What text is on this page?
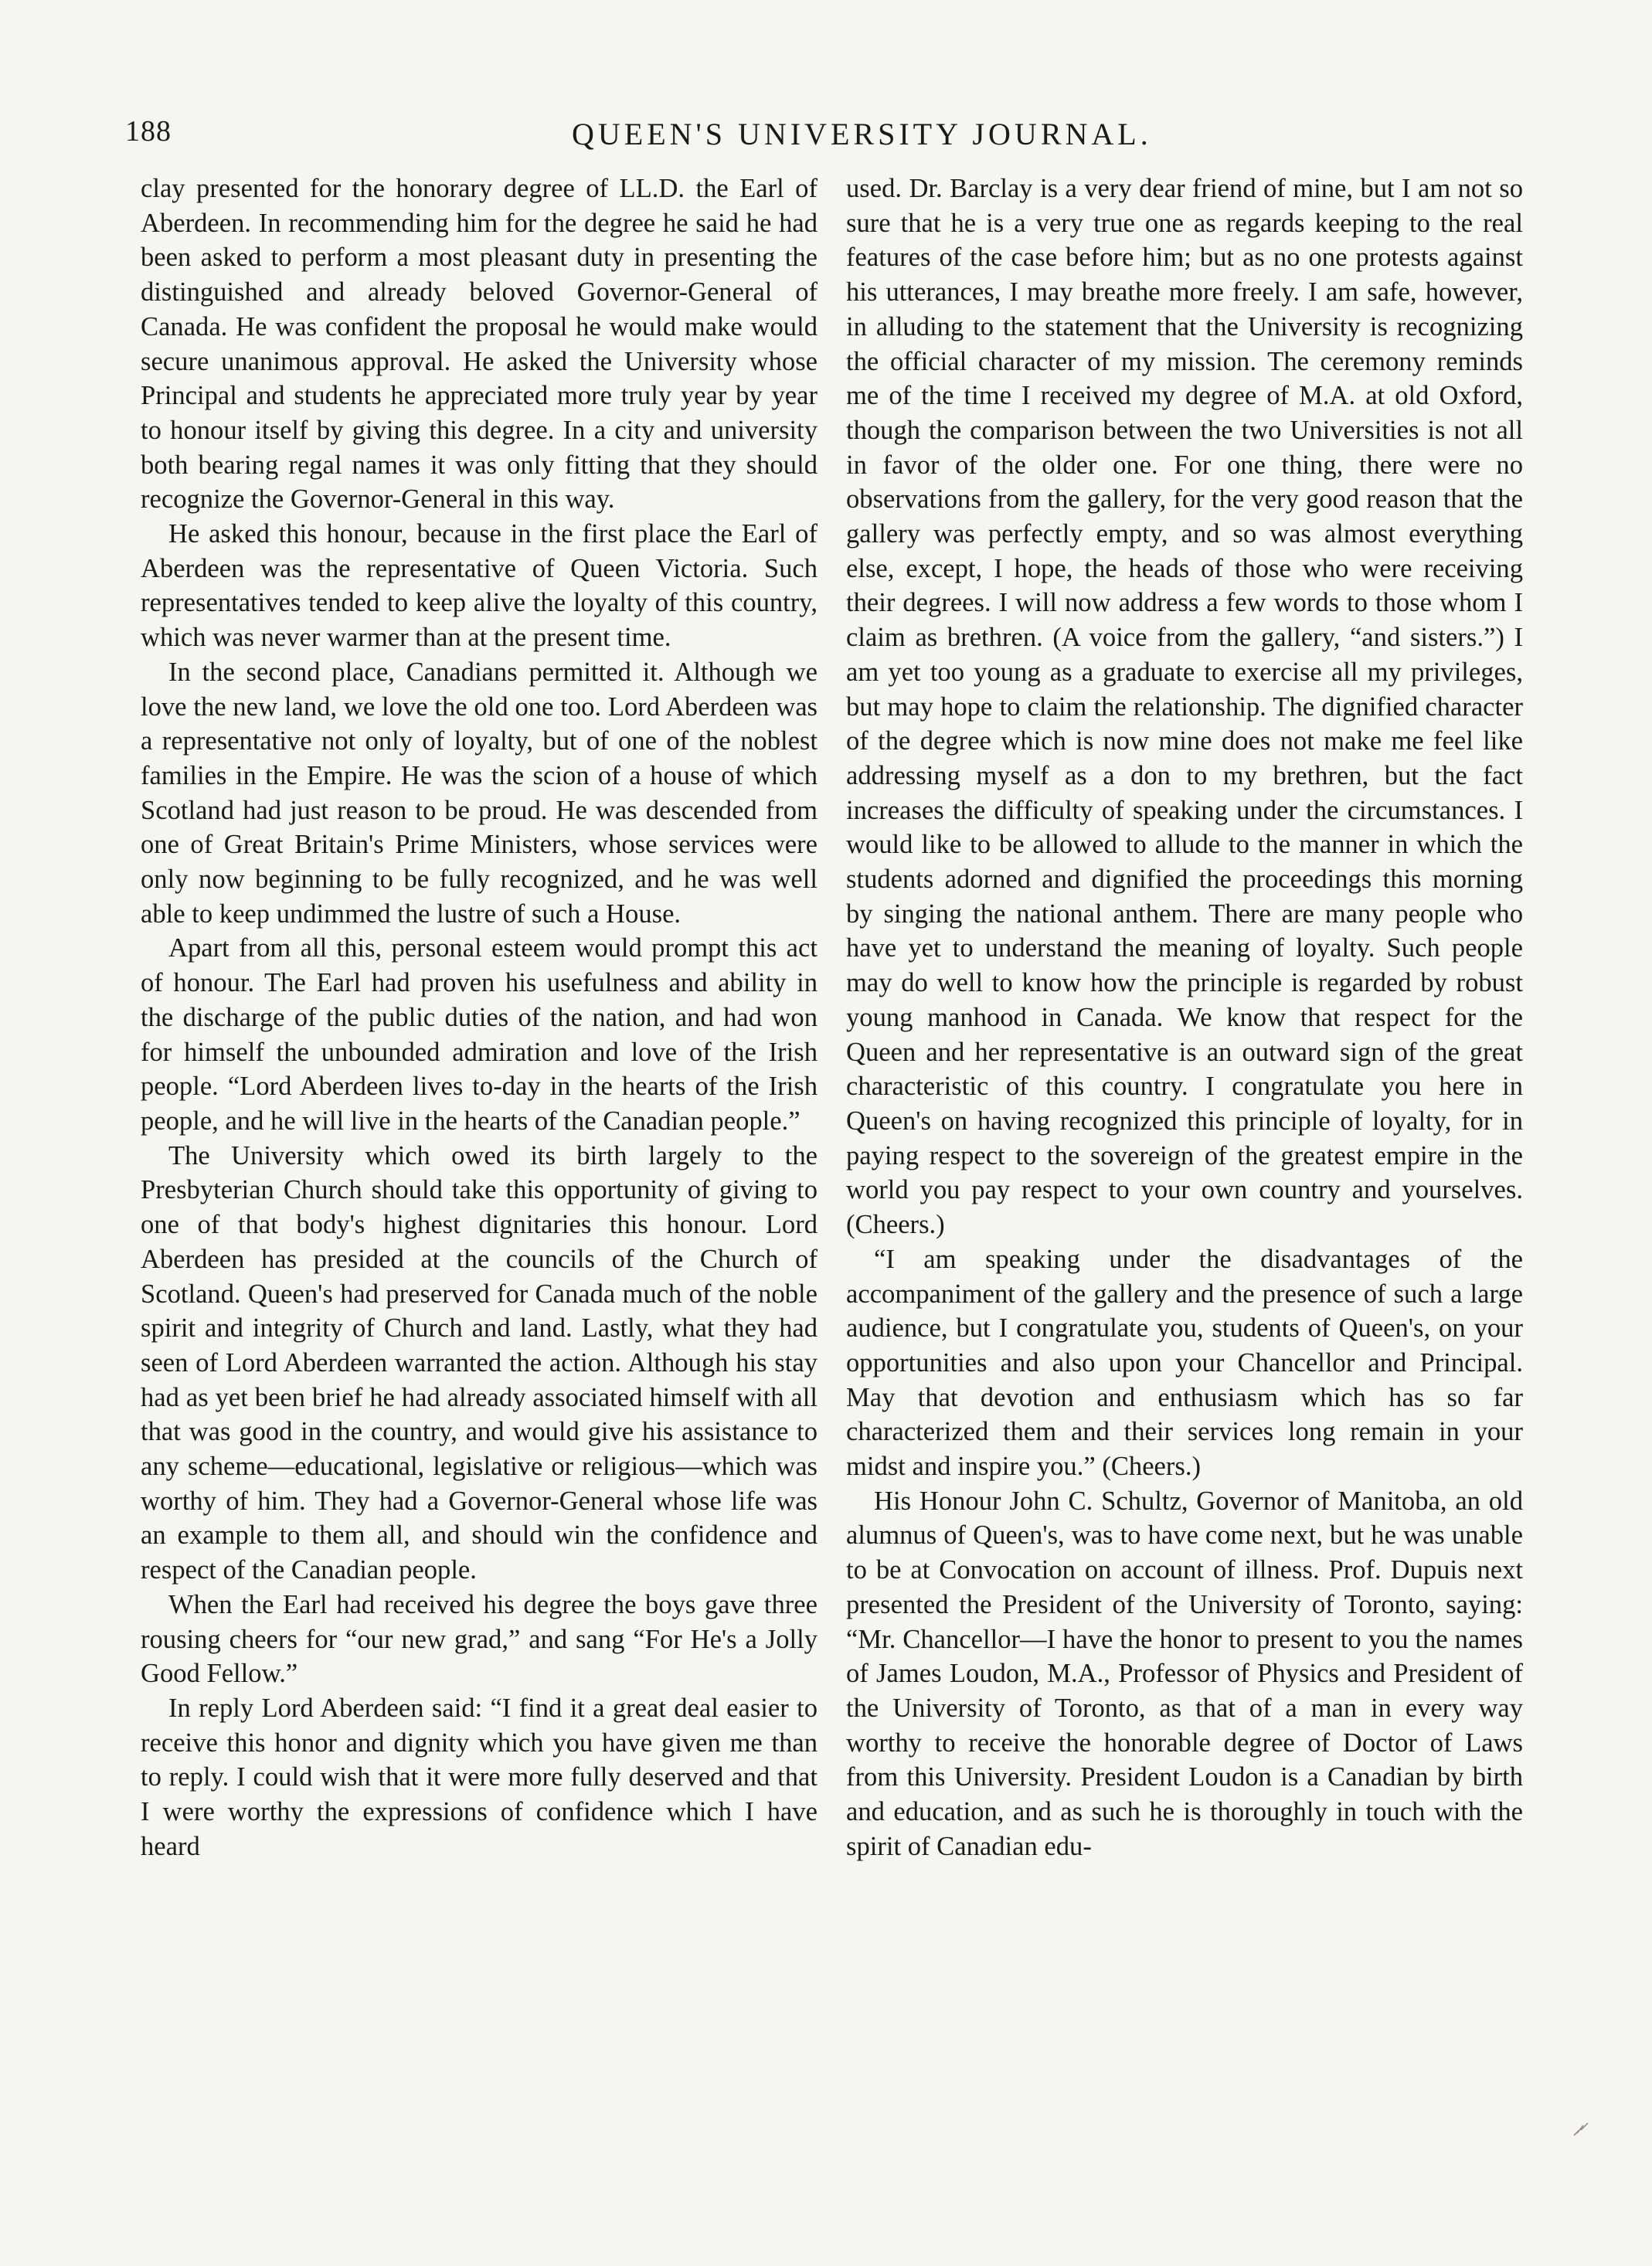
188	QUEEN'S UNIVERSITY JOURNAL.

clay presented for the honorary degree of LL.D. the Earl of Aberdeen. In recommending him for the degree he said he had been asked to perform a most pleasant duty in presenting the distinguished and already beloved Governor-General of Canada. He was confident the proposal he would make would secure unanimous approval. He asked the University whose Principal and students he appreciated more truly year by year to honour itself by giving this degree. In a city and university both bearing regal names it was only fitting that they should recognize the Governor-General in this way.

He asked this honour, because in the first place the Earl of Aberdeen was the representative of Queen Victoria. Such representatives tended to keep alive the loyalty of this country, which was never warmer than at the present time.

In the second place, Canadians permitted it. Although we love the new land, we love the old one too. Lord Aberdeen was a representative not only of loyalty, but of one of the noblest families in the Empire. He was the scion of a house of which Scotland had just reason to be proud. He was descended from one of Great Britain's Prime Ministers, whose services were only now beginning to be fully recognized, and he was well able to keep undimmed the lustre of such a House.

Apart from all this, personal esteem would prompt this act of honour. The Earl had proven his usefulness and ability in the discharge of the public duties of the nation, and had won for himself the unbounded admiration and love of the Irish people. “Lord Aberdeen lives to-day in the hearts of the Irish people, and he will live in the hearts of the Canadian people.”

The University which owed its birth largely to the Presbyterian Church should take this opportunity of giving to one of that body's highest dignitaries this honour. Lord Aberdeen has presided at the councils of the Church of Scotland. Queen's had preserved for Canada much of the noble spirit and integrity of Church and land. Lastly, what they had seen of Lord Aberdeen warranted the action. Although his stay had as yet been brief he had already associated himself with all that was good in the country, and would give his assistance to any scheme—educational, legislative or religious—which was worthy of him. They had a Governor-General whose life was an example to them all, and should win the confidence and respect of the Canadian people.

When the Earl had received his degree the boys gave three rousing cheers for “our new grad,” and sang “For He's a Jolly Good Fellow.”

In reply Lord Aberdeen said: “I find it a great deal easier to receive this honor and dignity which you have given me than to reply. I could wish that it were more fully deserved and that I were worthy the expressions of confidence which I have heard

used. Dr. Barclay is a very dear friend of mine, but I am not so sure that he is a very true one as regards keeping to the real features of the case before him; but as no one protests against his utterances, I may breathe more freely. I am safe, however, in alluding to the statement that the University is recognizing the official character of my mission. The ceremony reminds me of the time I received my degree of M.A. at old Oxford, though the comparison between the two Universities is not all in favor of the older one. For one thing, there were no observations from the gallery, for the very good reason that the gallery was perfectly empty, and so was almost everything else, except, I hope, the heads of those who were receiving their degrees. I will now address a few words to those whom I claim as brethren. (A voice from the gallery, “and sisters.”) I am yet too young as a graduate to exercise all my privileges, but may hope to claim the relationship. The dignified character of the degree which is now mine does not make me feel like addressing myself as a don to my brethren, but the fact increases the difficulty of speaking under the circumstances. I would like to be allowed to allude to the manner in which the students adorned and dignified the proceedings this morning by singing the national anthem. There are many people who have yet to understand the meaning of loyalty. Such people may do well to know how the principle is regarded by robust young manhood in Canada. We know that respect for the Queen and her representative is an outward sign of the great characteristic of this country. I congratulate you here in Queen's on having recognized this principle of loyalty, for in paying respect to the sovereign of the greatest empire in the world you pay respect to your own country and yourselves. (Cheers.)

“I am speaking under the disadvantages of the accompaniment of the gallery and the presence of such a large audience, but I congratulate you, students of Queen's, on your opportunities and also upon your Chancellor and Principal. May that devotion and enthusiasm which has so far characterized them and their services long remain in your midst and inspire you.” (Cheers.)

His Honour John C. Schultz, Governor of Manitoba, an old alumnus of Queen's, was to have come next, but he was unable to be at Convocation on account of illness. Prof. Dupuis next presented the President of the University of Toronto, saying: “Mr. Chancellor—I have the honor to present to you the names of James Loudon, M.A., Professor of Physics and President of the University of Toronto, as that of a man in every way worthy to receive the honorable degree of Doctor of Laws from this University. President Loudon is a Canadian by birth and education, and as such he is thoroughly in touch with the spirit of Canadian edu-
